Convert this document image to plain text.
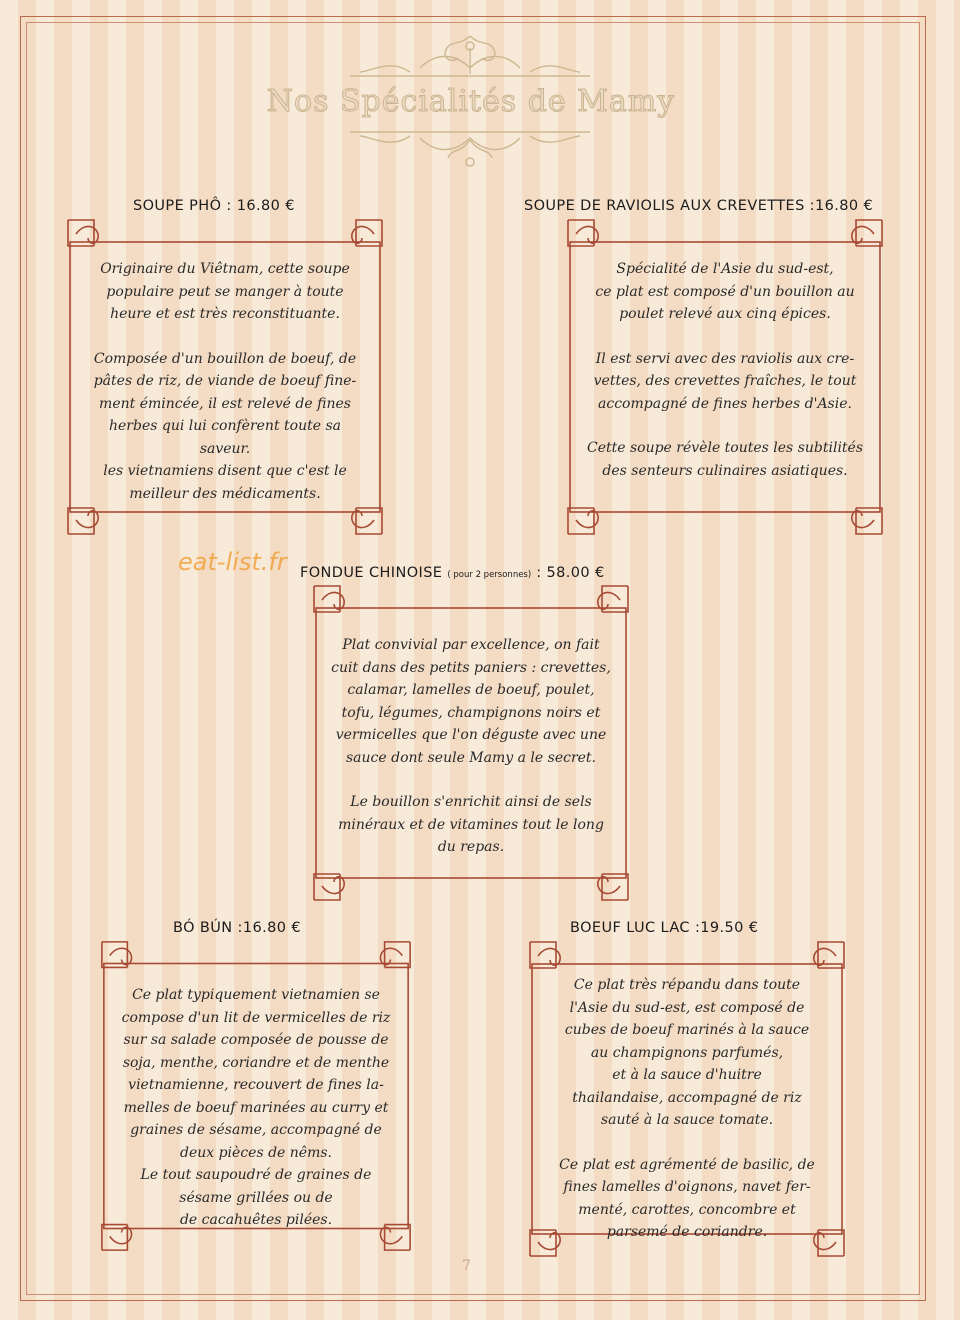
Nos Spécialités de Mamy
SOUPE PHÔ : 16.80 €

Originaire du Viêtnam, cette soupe

populaire peut se manger à toute

heure et est très reconstituante.

Composée d'un bouillon de boeuf, de

pâtes de riz, de viande de boeuf fine-

ment émincée, il est relevé de fines

herbes qui lui confèrent toute sa

saveur.

les vietnamiens disent que c'est le

meilleur des médicaments.

SOUPE DE RAVIOLIS AUX CREVETTES :16.80 €

Spécialité de l'Asie du sud-est,

ce plat est composé d'un bouillon au

poulet relevé aux cinq épices.

Il est servi avec des raviolis aux cre-

vettes, des crevettes fraîches, le tout

accompagné de fines herbes d'Asie.

Cette soupe révèle toutes les subtilités

des senteurs culinaires asiatiques.

eat-list.fr FONDUE CHINOISE ( pour 2 personnes) : 58.00 €

Plat convivial par excellence, on fait

cuit dans des petits paniers : crevettes,

calamar, lamelles de boeuf, poulet,

tofu, légumes, champignons noirs et

vermicelles que l'on déguste avec une

sauce dont seule Mamy a le secret.

Le bouillon s'enrichit ainsi de sels

minéraux et de vitamines tout le long

du repas.

BÓ BÚN :16.80 €

Ce plat typiquement vietnamien se

compose d'un lit de vermicelles de riz

sur sa salade composée de pousse de

soja, menthe, coriandre et de menthe

vietnamienne, recouvert de fines la-

melles de boeuf marinées au curry et

graines de sésame, accompagné de

deux pièces de nêms.

Le tout saupoudré de graines de

sésame grillées ou de

de cacahuêtes pilées.

BOEUF LUC LAC :19.50 €

Ce plat très répandu dans toute

l'Asie du sud-est, est composé de

cubes de boeuf marinés à la sauce

au champignons parfumés,

et à la sauce d'huitre

thailandaise, accompagné de riz

sauté à la sauce tomate.

Ce plat est agrémenté de basilic, de

fines lamelles d'oignons, navet fer-

menté, carottes, concombre et

parsemé de coriandre.

7
